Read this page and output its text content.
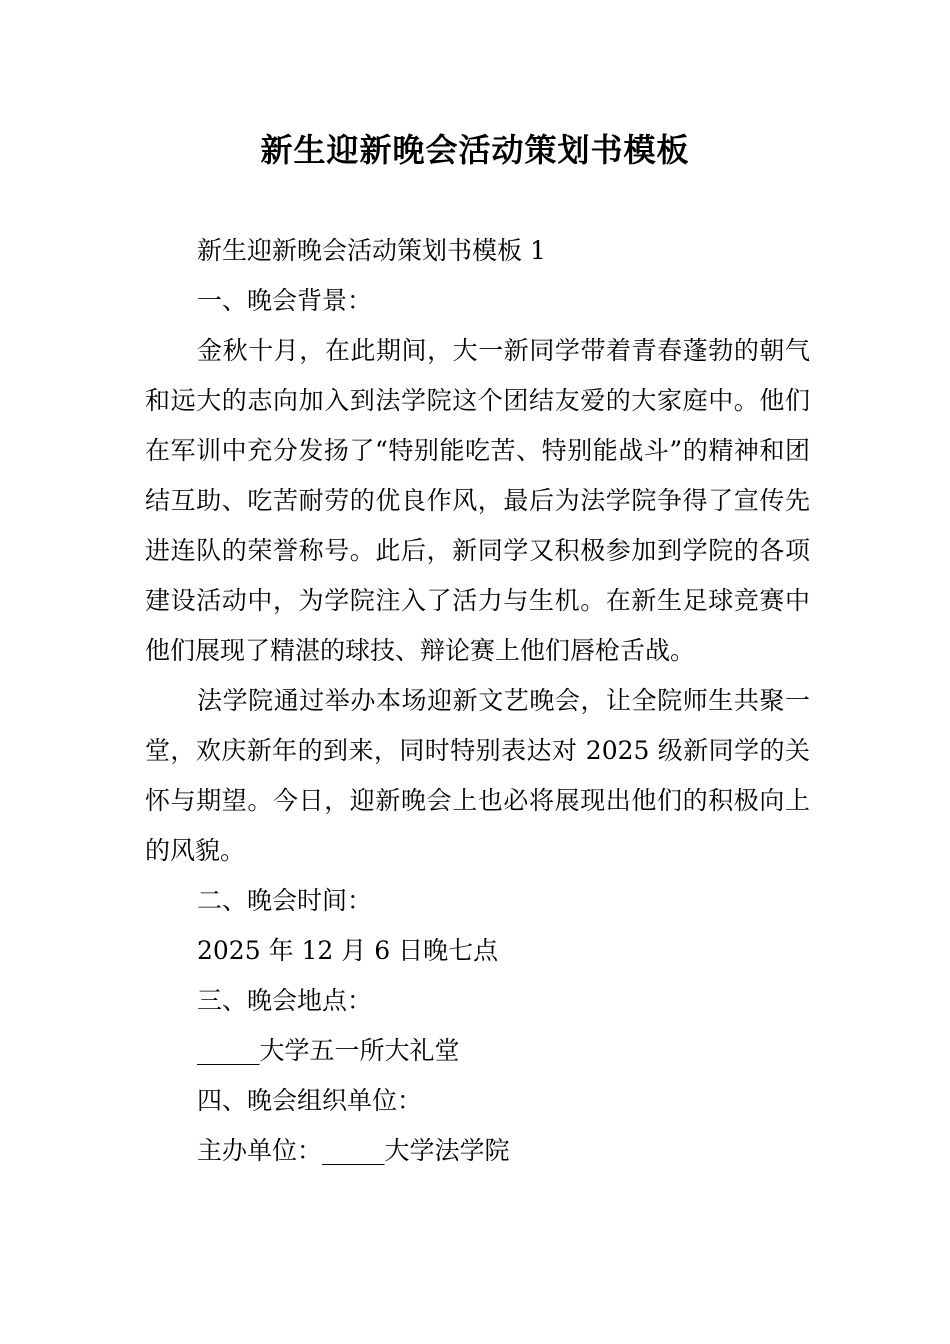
新生迎新晚会活动策划书模板

新生迎新晚会活动策划书模板 1

一、晚会背景：

金秋十月，在此期间，大一新同学带着青春蓬勃的朝气和远大的志向加入到法学院这个团结友爱的大家庭中。他们在军训中充分发扬了“特别能吃苦、特别能战斗”的精神和团结互助、吃苦耐劳的优良作风，最后为法学院争得了宣传先进连队的荣誉称号。此后，新同学又积极参加到学院的各项建设活动中，为学院注入了活力与生机。在新生足球竞赛中他们展现了精湛的球技、辩论赛上他们唇枪舌战。

法学院通过举办本场迎新文艺晚会，让全院师生共聚一堂，欢庆新年的到来，同时特别表达对 2025 级新同学的关怀与期望。今日，迎新晚会上也必将展现出他们的积极向上的风貌。

二、晚会时间：

2025 年 12 月 6 日晚七点

三、晚会地点：

_____大学五一所大礼堂

四、晚会组织单位：

主办单位：_____大学法学院
